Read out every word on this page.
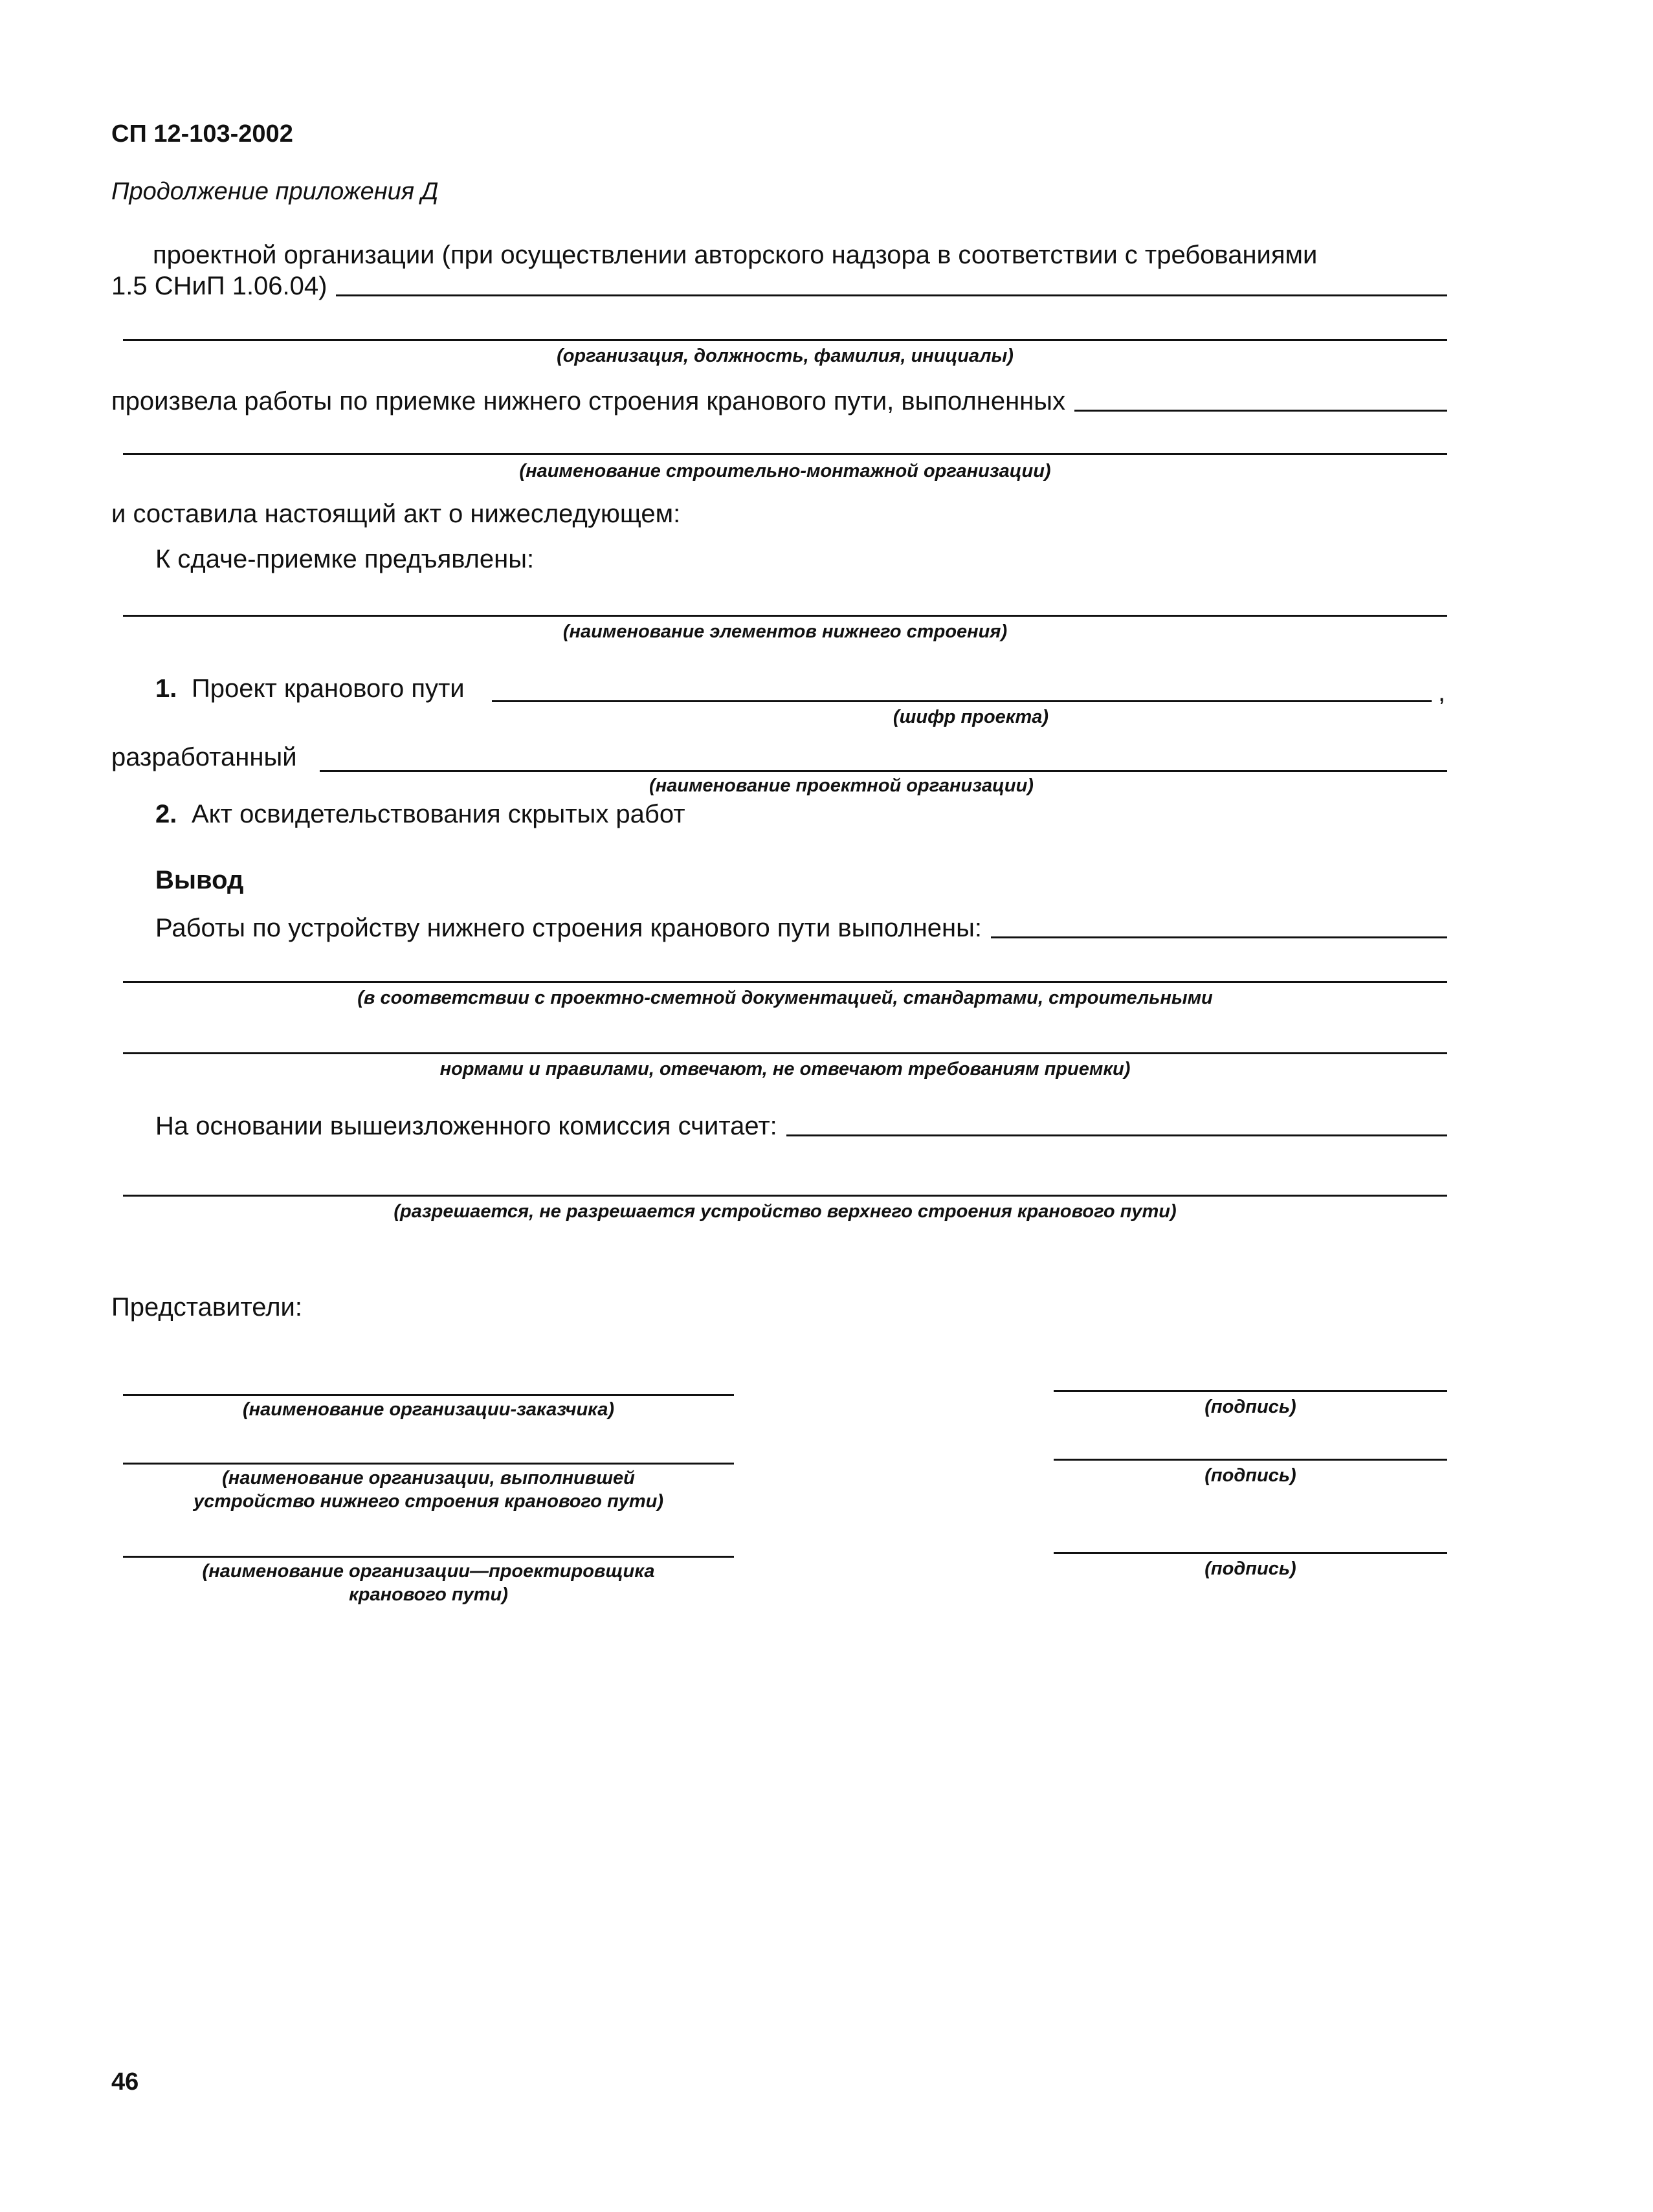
СП 12-103-2002
Продолжение приложения Д
проектной организации (при осуществлении авторского надзора в соответствии с требованиями
1.5 СНиП 1.06.04)
(организация, должность, фамилия, инициалы)
произвела работы по приемке нижнего строения кранового пути, выполненных
(наименование строительно-монтажной организации)
и составила настоящий акт о нижеследующем:
К сдаче-приемке предъявлены:
(наименование элементов нижнего строения)
1. Проект кранового пути	,
(шифр проекта)
разработанный
(наименование проектной организации)
2. Акт освидетельствования скрытых работ
Вывод
Работы по устройству нижнего строения кранового пути выполнены:
(в соответствии с проектно-сметной документацией, стандартами, строительными
нормами и правилами, отвечают, не отвечают требованиям приемки)
На основании вышеизложенного комиссия считает:
(разрешается, не разрешается устройство верхнего строения кранового пути)
Представители:
(наименование организации-заказчика)	(подпись)
(наименование организации, выполнившей
устройство нижнего строения кранового пути)
(подпись)
(наименование организации—проектировщика
кранового пути)
(подпись)
46
